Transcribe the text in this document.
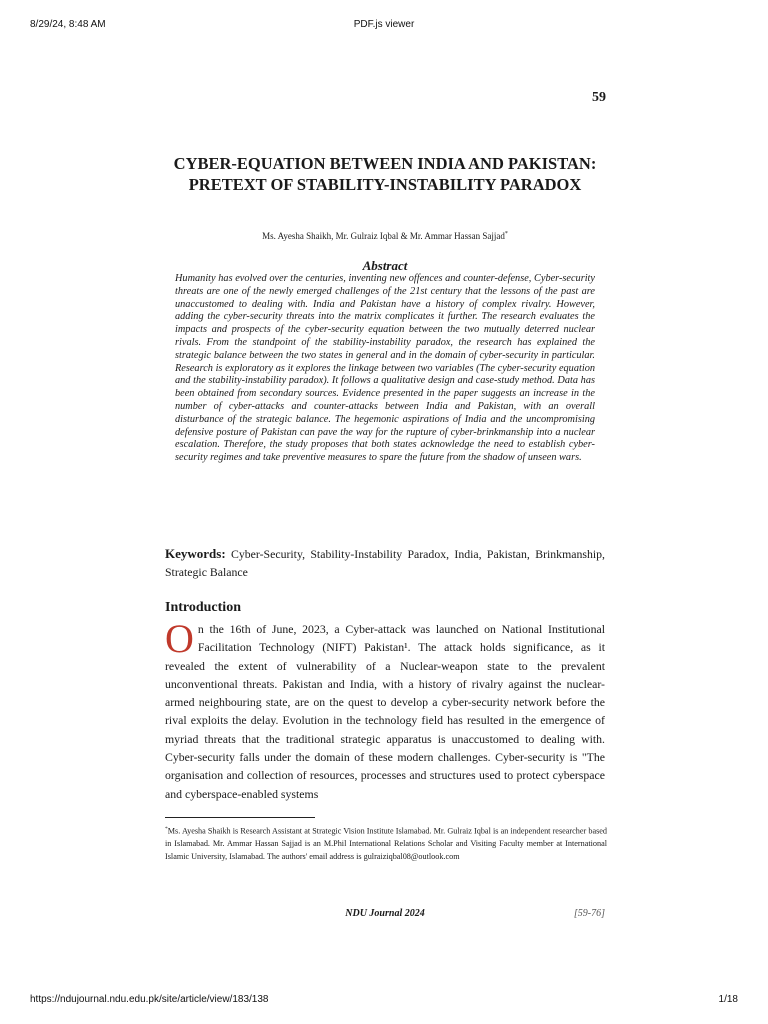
8/29/24, 8:48 AM	PDF.js viewer
59
CYBER-EQUATION BETWEEN INDIA AND PAKISTAN: PRETEXT OF STABILITY-INSTABILITY PARADOX
Ms. Ayesha Shaikh, Mr. Gulraiz Iqbal & Mr. Ammar Hassan Sajjad*
Abstract

Humanity has evolved over the centuries, inventing new offences and counter-defense, Cyber-security threats are one of the newly emerged challenges of the 21st century that the lessons of the past are unaccustomed to dealing with. India and Pakistan have a history of complex rivalry. However, adding the cyber-security threats into the matrix complicates it further. The research evaluates the impacts and prospects of the cyber-security equation between the two mutually deterred nuclear rivals. From the standpoint of the stability-instability paradox, the research has explained the strategic balance between the two states in general and in the domain of cyber-security in particular. Research is exploratory as it explores the linkage between two variables (The cyber-security equation and the stability-instability paradox). It follows a qualitative design and case-study method. Data has been obtained from secondary sources. Evidence presented in the paper suggests an increase in the number of cyber-attacks and counter-attacks between India and Pakistan, with an overall disturbance of the strategic balance. The hegemonic aspirations of India and the uncompromising defensive posture of Pakistan can pave the way for the rupture of cyber-brinkmanship into a nuclear escalation. Therefore, the study proposes that both states acknowledge the need to establish cyber-security regimes and take preventive measures to spare the future from the shadow of unseen wars.

Keywords: Cyber-Security, Stability-Instability Paradox, India, Pakistan, Brinkmanship, Strategic Balance

Introduction

On the 16th of June, 2023, a Cyber-attack was launched on National Institutional Facilitation Technology (NIFT) Pakistan¹. The attack holds significance, as it revealed the extent of vulnerability of a Nuclear-weapon state to the prevalent unconventional threats. Pakistan and India, with a history of rivalry against the nuclear-armed neighbouring state, are on the quest to develop a cyber-security network before the rival exploits the delay. Evolution in the technology field has resulted in the emergence of myriad threats that the traditional strategic apparatus is unaccustomed to dealing with. Cyber-security falls under the domain of these modern challenges. Cyber-security is "The organisation and collection of resources, processes and structures used to protect cyberspace and cyberspace-enabled systems

*Ms. Ayesha Shaikh is Research Assistant at Strategic Vision Institute Islamabad. Mr. Gulraiz Iqbal is an independent researcher based in Islamabad. Mr. Ammar Hassan Sajjad is an M.Phil International Relations Scholar and Visiting Faculty member at International Islamic University, Islamabad. The authors' email address is gulraiziqbal08@outlook.com

NDU Journal 2024	[59-76]
https://ndujournal.ndu.edu.pk/site/article/view/183/138	1/18
